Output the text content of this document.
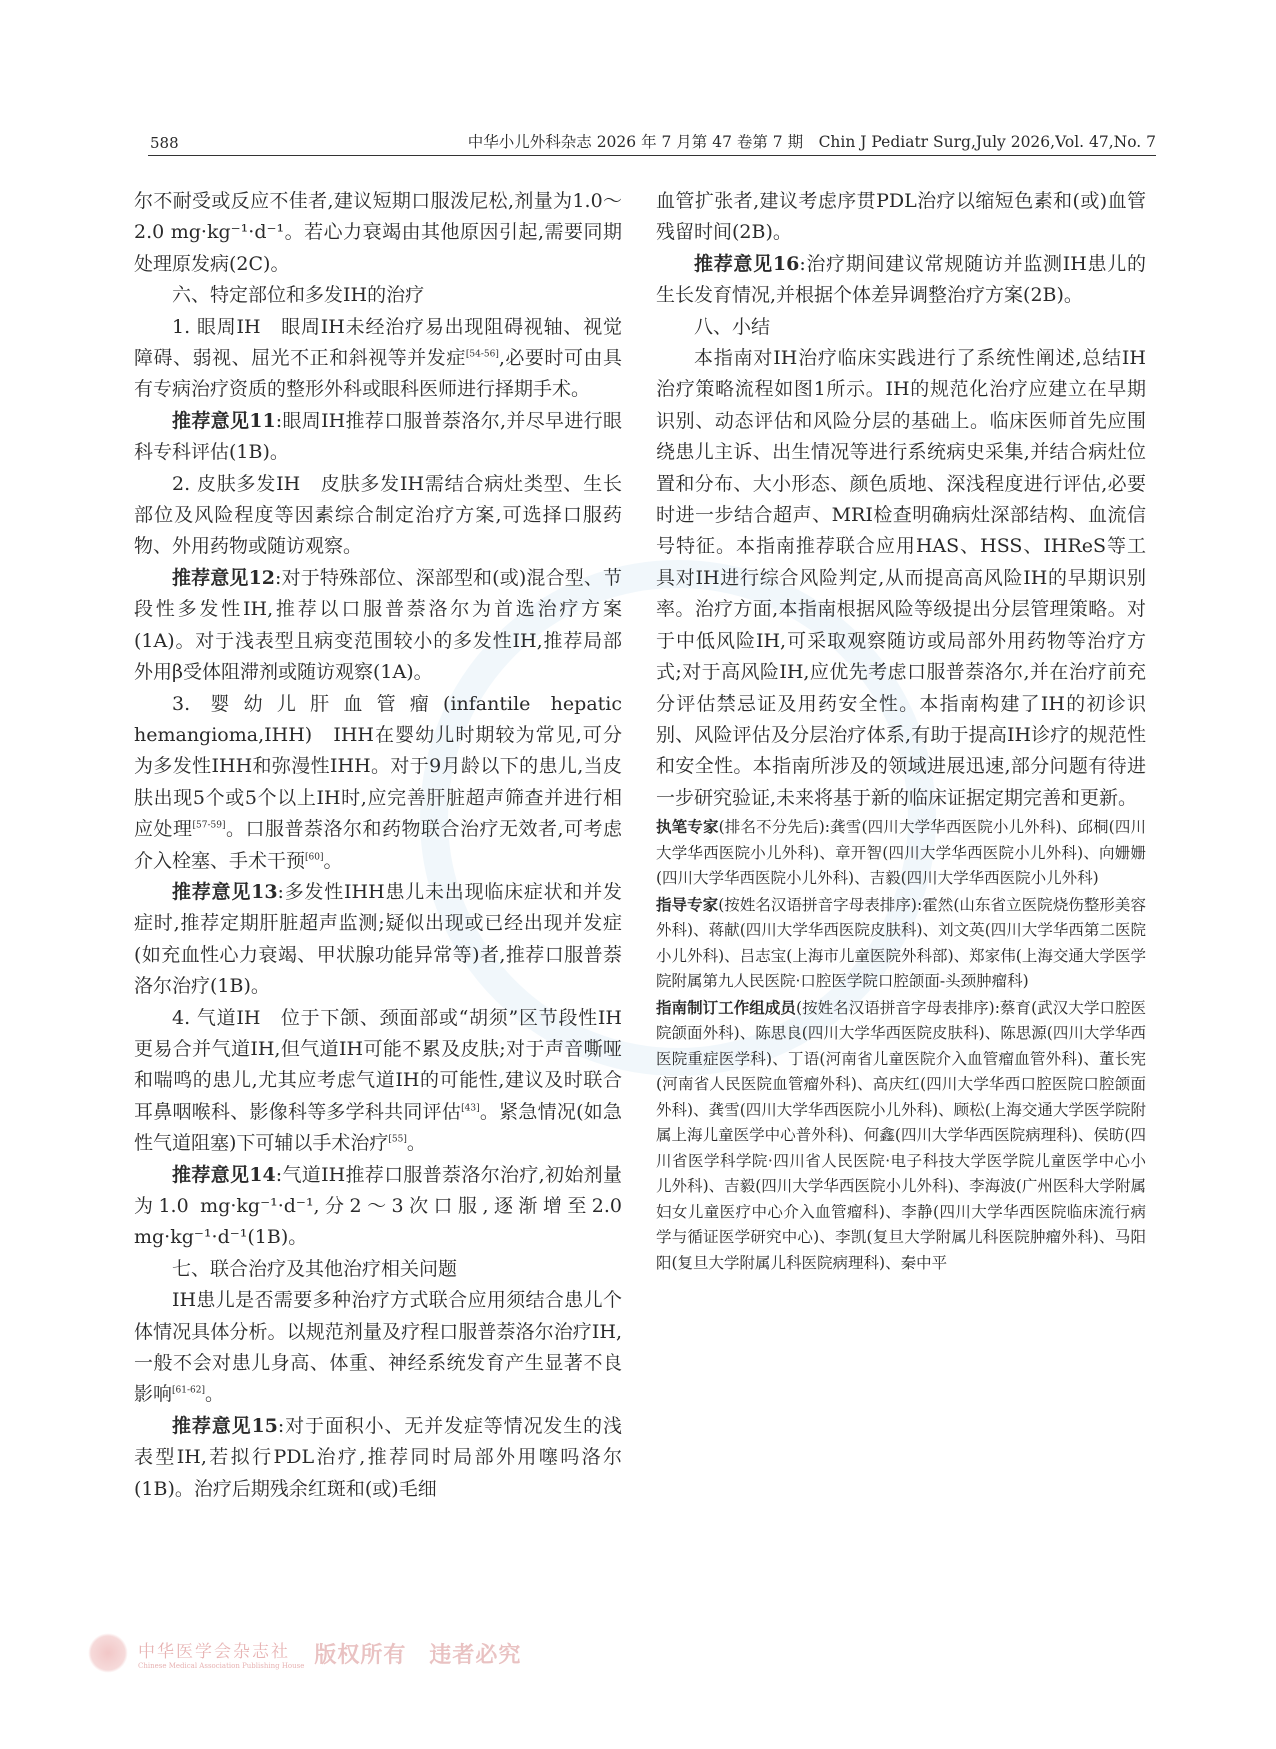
588	中华小儿外科杂志 2026 年 7 月第 47 卷第 7 期　Chin J Pediatr Surg,July 2026,Vol. 47,No. 7

尔不耐受或反应不佳者,建议短期口服泼尼松,剂量为1.0～2.0 mg·kg⁻¹·d⁻¹。若心力衰竭由其他原因引起,需要同期处理原发病(2C)。

六、特定部位和多发IH的治疗

1. 眼周IH　眼周IH未经治疗易出现阻碍视轴、视觉障碍、弱视、屈光不正和斜视等并发症[54-56],必要时可由具有专病治疗资质的整形外科或眼科医师进行择期手术。

推荐意见11:眼周IH推荐口服普萘洛尔,并尽早进行眼科专科评估(1B)。

2. 皮肤多发IH　皮肤多发IH需结合病灶类型、生长部位及风险程度等因素综合制定治疗方案,可选择口服药物、外用药物或随访观察。

推荐意见12:对于特殊部位、深部型和(或)混合型、节段性多发性IH,推荐以口服普萘洛尔为首选治疗方案(1A)。对于浅表型且病变范围较小的多发性IH,推荐局部外用β受体阻滞剂或随访观察(1A)。

3. 婴幼儿肝血管瘤(infantile hepatic hemangioma,IHH)　IHH在婴幼儿时期较为常见,可分为多发性IHH和弥漫性IHH。对于9月龄以下的患儿,当皮肤出现5个或5个以上IH时,应完善肝脏超声筛查并进行相应处理[57-59]。口服普萘洛尔和药物联合治疗无效者,可考虑介入栓塞、手术干预[60]。

推荐意见13:多发性IHH患儿未出现临床症状和并发症时,推荐定期肝脏超声监测;疑似出现或已经出现并发症(如充血性心力衰竭、甲状腺功能异常等)者,推荐口服普萘洛尔治疗(1B)。

4. 气道IH　位于下颌、颈面部或“胡须”区节段性IH更易合并气道IH,但气道IH可能不累及皮肤;对于声音嘶哑和喘鸣的患儿,尤其应考虑气道IH的可能性,建议及时联合耳鼻咽喉科、影像科等多学科共同评估[43]。紧急情况(如急性气道阻塞)下可辅以手术治疗[55]。

推荐意见14:气道IH推荐口服普萘洛尔治疗,初始剂量为1.0 mg·kg⁻¹·d⁻¹,分2～3次口服,逐渐增至2.0 mg·kg⁻¹·d⁻¹(1B)。

七、联合治疗及其他治疗相关问题

IH患儿是否需要多种治疗方式联合应用须结合患儿个体情况具体分析。以规范剂量及疗程口服普萘洛尔治疗IH,一般不会对患儿身高、体重、神经系统发育产生显著不良影响[61-62]。

推荐意见15:对于面积小、无并发症等情况发生的浅表型IH,若拟行PDL治疗,推荐同时局部外用噻吗洛尔(1B)。治疗后期残余红斑和(或)毛细

血管扩张者,建议考虑序贯PDL治疗以缩短色素和(或)血管残留时间(2B)。

推荐意见16:治疗期间建议常规随访并监测IH患儿的生长发育情况,并根据个体差异调整治疗方案(2B)。

八、小结

本指南对IH治疗临床实践进行了系统性阐述,总结IH治疗策略流程如图1所示。IH的规范化治疗应建立在早期识别、动态评估和风险分层的基础上。临床医师首先应围绕患儿主诉、出生情况等进行系统病史采集,并结合病灶位置和分布、大小形态、颜色质地、深浅程度进行评估,必要时进一步结合超声、MRI检查明确病灶深部结构、血流信号特征。本指南推荐联合应用HAS、HSS、IHReS等工具对IH进行综合风险判定,从而提高高风险IH的早期识别率。治疗方面,本指南根据风险等级提出分层管理策略。对于中低风险IH,可采取观察随访或局部外用药物等治疗方式;对于高风险IH,应优先考虑口服普萘洛尔,并在治疗前充分评估禁忌证及用药安全性。本指南构建了IH的初诊识别、风险评估及分层治疗体系,有助于提高IH诊疗的规范性和安全性。本指南所涉及的领域进展迅速,部分问题有待进一步研究验证,未来将基于新的临床证据定期完善和更新。

执笔专家(排名不分先后):龚雪(四川大学华西医院小儿外科)、邱桐(四川大学华西医院小儿外科)、章开智(四川大学华西医院小儿外科)、向姗姗(四川大学华西医院小儿外科)、吉毅(四川大学华西医院小儿外科)

指导专家(按姓名汉语拼音字母表排序):霍然(山东省立医院烧伤整形美容外科)、蒋献(四川大学华西医院皮肤科)、刘文英(四川大学华西第二医院小儿外科)、吕志宝(上海市儿童医院外科部)、郑家伟(上海交通大学医学院附属第九人民医院·口腔医学院口腔颌面-头颈肿瘤科)

指南制订工作组成员(按姓名汉语拼音字母表排序):蔡育(武汉大学口腔医院颌面外科)、陈思良(四川大学华西医院皮肤科)、陈思源(四川大学华西医院重症医学科)、丁语(河南省儿童医院介入血管瘤血管外科)、董长宪(河南省人民医院血管瘤外科)、高庆红(四川大学华西口腔医院口腔颌面外科)、龚雪(四川大学华西医院小儿外科)、顾松(上海交通大学医学院附属上海儿童医学中心普外科)、何鑫(四川大学华西医院病理科)、侯昉(四川省医学科学院·四川省人民医院·电子科技大学医学院儿童医学中心小儿外科)、吉毅(四川大学华西医院小儿外科)、李海波(广州医科大学附属妇女儿童医疗中心介入血管瘤科)、李静(四川大学华西医院临床流行病学与循证医学研究中心)、李凯(复旦大学附属儿科医院肿瘤外科)、马阳阳(复旦大学附属儿科医院病理科)、秦中平

中华医学会杂志社
Chinese Medical Association Publishing House 版权所有　违者必究
